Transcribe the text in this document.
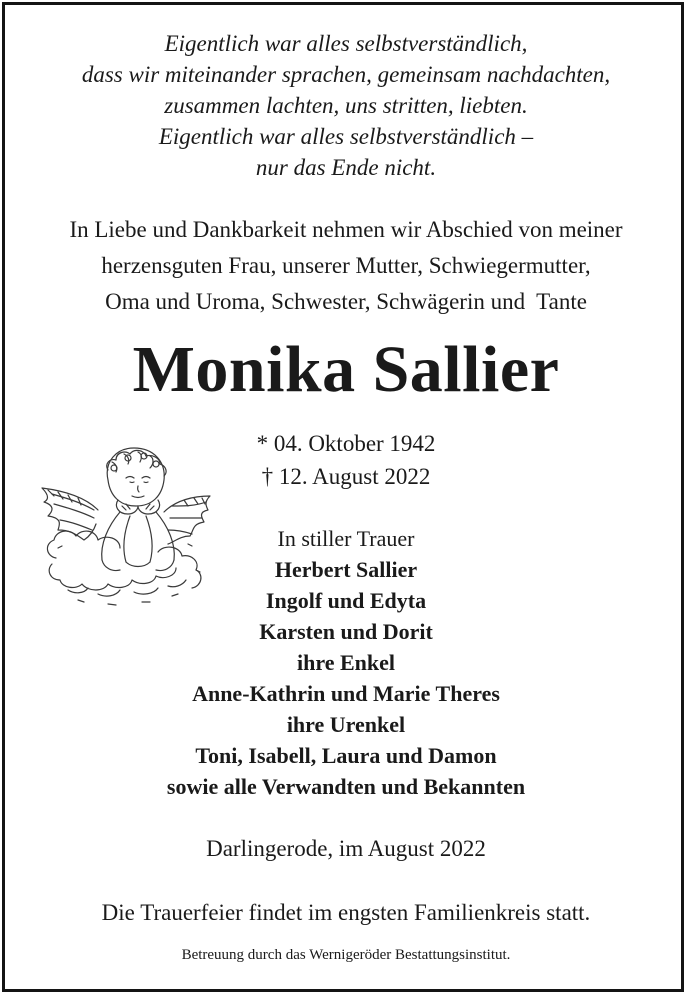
Eigentlich war alles selbstverständlich,
dass wir miteinander sprachen, gemeinsam nachdachten,
zusammen lachten, uns stritten, liebten.
Eigentlich war alles selbstverständlich –
nur das Ende nicht.
In Liebe und Dankbarkeit nehmen wir Abschied von meiner
herzensguten Frau, unserer Mutter, Schwiegermutter,
Oma und Uroma, Schwester, Schwägerin und  Tante
Monika Sallier
* 04. Oktober 1942
† 12. August 2022
In stiller Trauer
Herbert Sallier
Ingolf und Edyta
Karsten und Dorit
ihre Enkel
Anne-Kathrin und Marie Theres
ihre Urenkel
Toni, Isabell, Laura und Damon
sowie alle Verwandten und Bekannten
Darlingerode, im August 2022
Die Trauerfeier findet im engsten Familienkreis statt.
Betreuung durch das Wernigeröder Bestattungsinstitut.
